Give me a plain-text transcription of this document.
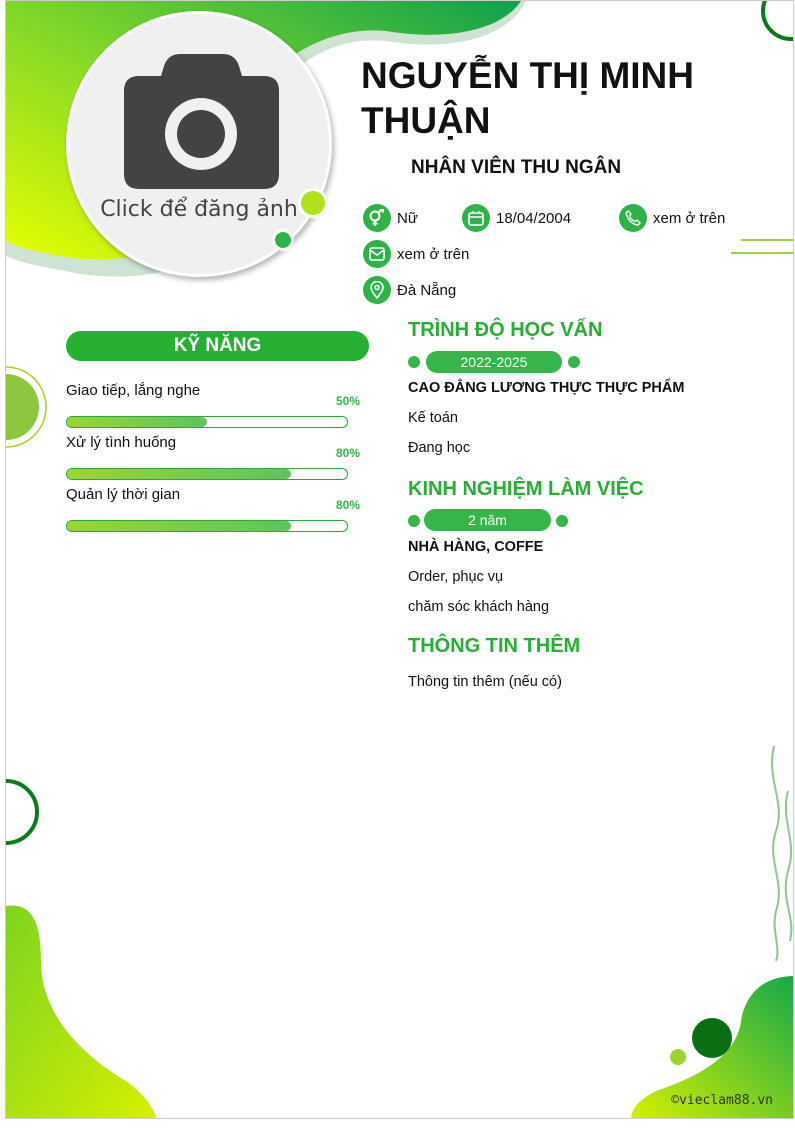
Click để đăng ảnh
NGUYỄN THỊ MINH THUẬN
NHÂN VIÊN THU NGÂN
Nữ	18/04/2004	xem ở trên
xem ở trên
Đà Nẵng
KỸ NĂNG
Giao tiếp, lắng nghe
50%
Xử lý tình huống
80%
Quản lý thời gian
80%
TRÌNH ĐỘ HỌC VẤN
2022-2025
CAO ĐẲNG LƯƠNG THỰC THỰC PHẨM
Kế toán
Đang học
KINH NGHIỆM LÀM VIỆC
2 năm
NHÀ HÀNG, COFFE
Order, phục vụ
chăm sóc khách hàng
THÔNG TIN THÊM
Thông tin thêm (nếu có)
©vieclam88.vn
